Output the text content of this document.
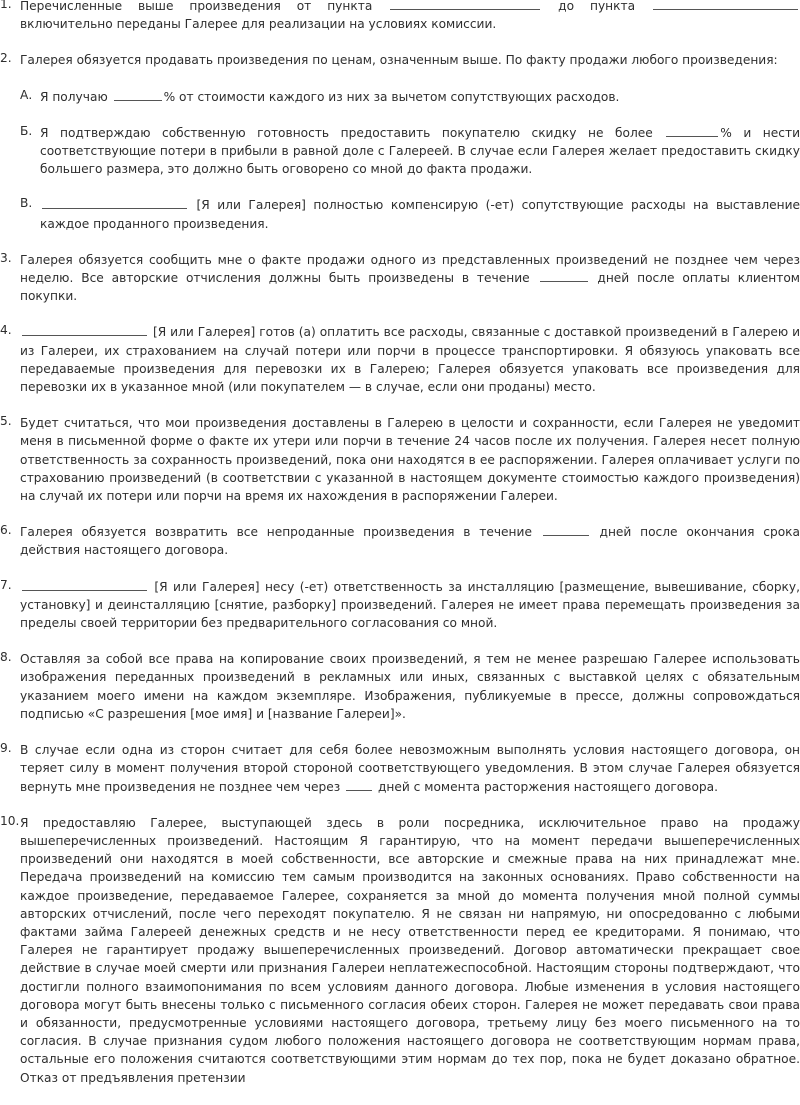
1. Перечисленные выше произведения от пункта	до пункта  включительно переданы Галерее для реализации на условиях комиссии.
2. Галерея обязуется продавать произведения по ценам, означенным выше. По факту продажи любого произведения:
А. Я получаю	% от стоимости каждого из них за вычетом сопутствующих расходов.
Б. Я подтверждаю собственную готовность предоставить покупателю скидку не более	% и нести соответствующие потери в прибыли в равной доле с Галереей. В случае если Галерея желает предоставить скидку большего размера, это должно быть оговорено со мной до факта продажи.
В.	[Я или Галерея] полностью компенсирую (-ет) сопутствующие расходы на выставление каждое проданного произведения.
3. Галерея обязуется сообщить мне о факте продажи одного из представленных произведений не позднее чем через неделю. Все авторские отчисления должны быть произведены в течение	дней после оплаты клиентом покупки.
4.	[Я или Галерея] готов (а) оплатить все расходы, связанные с доставкой произведений в Галерею и из Галереи, их страхованием на случай потери или порчи в процессе транспортировки. Я обязуюсь упаковать все передаваемые произведения для перевозки их в Галерею; Галерея обязуется упаковать все произведения для перевозки их в указанное мной (или покупателем — в случае, если они проданы) место.
5. Будет считаться, что мои произведения доставлены в Галерею в целости и сохранности, если Галерея не уведомит меня в письменной форме о факте их утери или порчи в течение 24 часов после их получения. Галерея несет полную ответственность за сохранность произведений, пока они находятся в ее распоряжении. Галерея оплачивает услуги по страхованию произведений (в соответствии с указанной в настоящем документе стоимостью каждого произведения) на случай их потери или порчи на время их нахождения в распоряжении Галереи.
6. Галерея обязуется возвратить все непроданные произведения в течение	дней после окончания срока действия настоящего договора.
7.	[Я или Галерея] несу (-ет) ответственность за инсталляцию [размещение, вывешивание, сборку, установку] и деинсталляцию [снятие, разборку] произведений. Галерея не имеет права перемещать произведения за пределы своей территории без предварительного согласования со мной.
8. Оставляя за собой все права на копирование своих произведений, я тем не менее разрешаю Галерее использовать изображения переданных произведений в рекламных или иных, связанных с выставкой целях с обязательным указанием моего имени на каждом экземпляре. Изображения, публикуемые в прессе, должны сопровождаться подписью «С разрешения [мое имя] и [название Галереи]».
9. В случае если одна из сторон считает для себя более невозможным выполнять условия настоящего договора, он теряет силу в момент получения второй стороной соответствующего уведомления. В этом случае Галерея обязуется вернуть мне произведения не позднее чем через  дней с момента расторжения настоящего договора.
10. Я предоставляю Галерее, выступающей здесь в роли посредника, исключительное право на продажу вышеперечисленных произведений. Настоящим Я гарантирую, что на момент передачи вышеперечисленных произведений они находятся в моей собственности, все авторские и смежные права на них принадлежат мне. Передача произведений на комиссию тем самым производится на законных основаниях. Право собственности на каждое произведение, передаваемое Галерее, сохраняется за мной до момента получения мной полной суммы авторских отчислений, после чего переходят покупателю. Я не связан ни напрямую, ни опосредованно с любыми фактами займа Галереей денежных средств и не несу ответственности перед ее кредиторами. Я понимаю, что Галерея не гарантирует продажу вышеперечисленных произведений. Договор автоматически прекращает свое действие в случае моей смерти или признания Галереи неплатежеспособной. Настоящим стороны подтверждают, что достигли полного взаимопонимания по всем условиям данного договора. Любые изменения в условия настоящего договора могут быть внесены только с письменного согласия обеих сторон. Галерея не может передавать свои права и обязанности, предусмотренные условиями настоящего договора, третьему лицу без моего письменного на то согласия. В случае признания судом любого положения настоящего договора не соответствующим нормам права, остальные его положения считаются соответствующими этим нормам до тех пор, пока не будет доказано обратное. Отказ от предъявления претензии
